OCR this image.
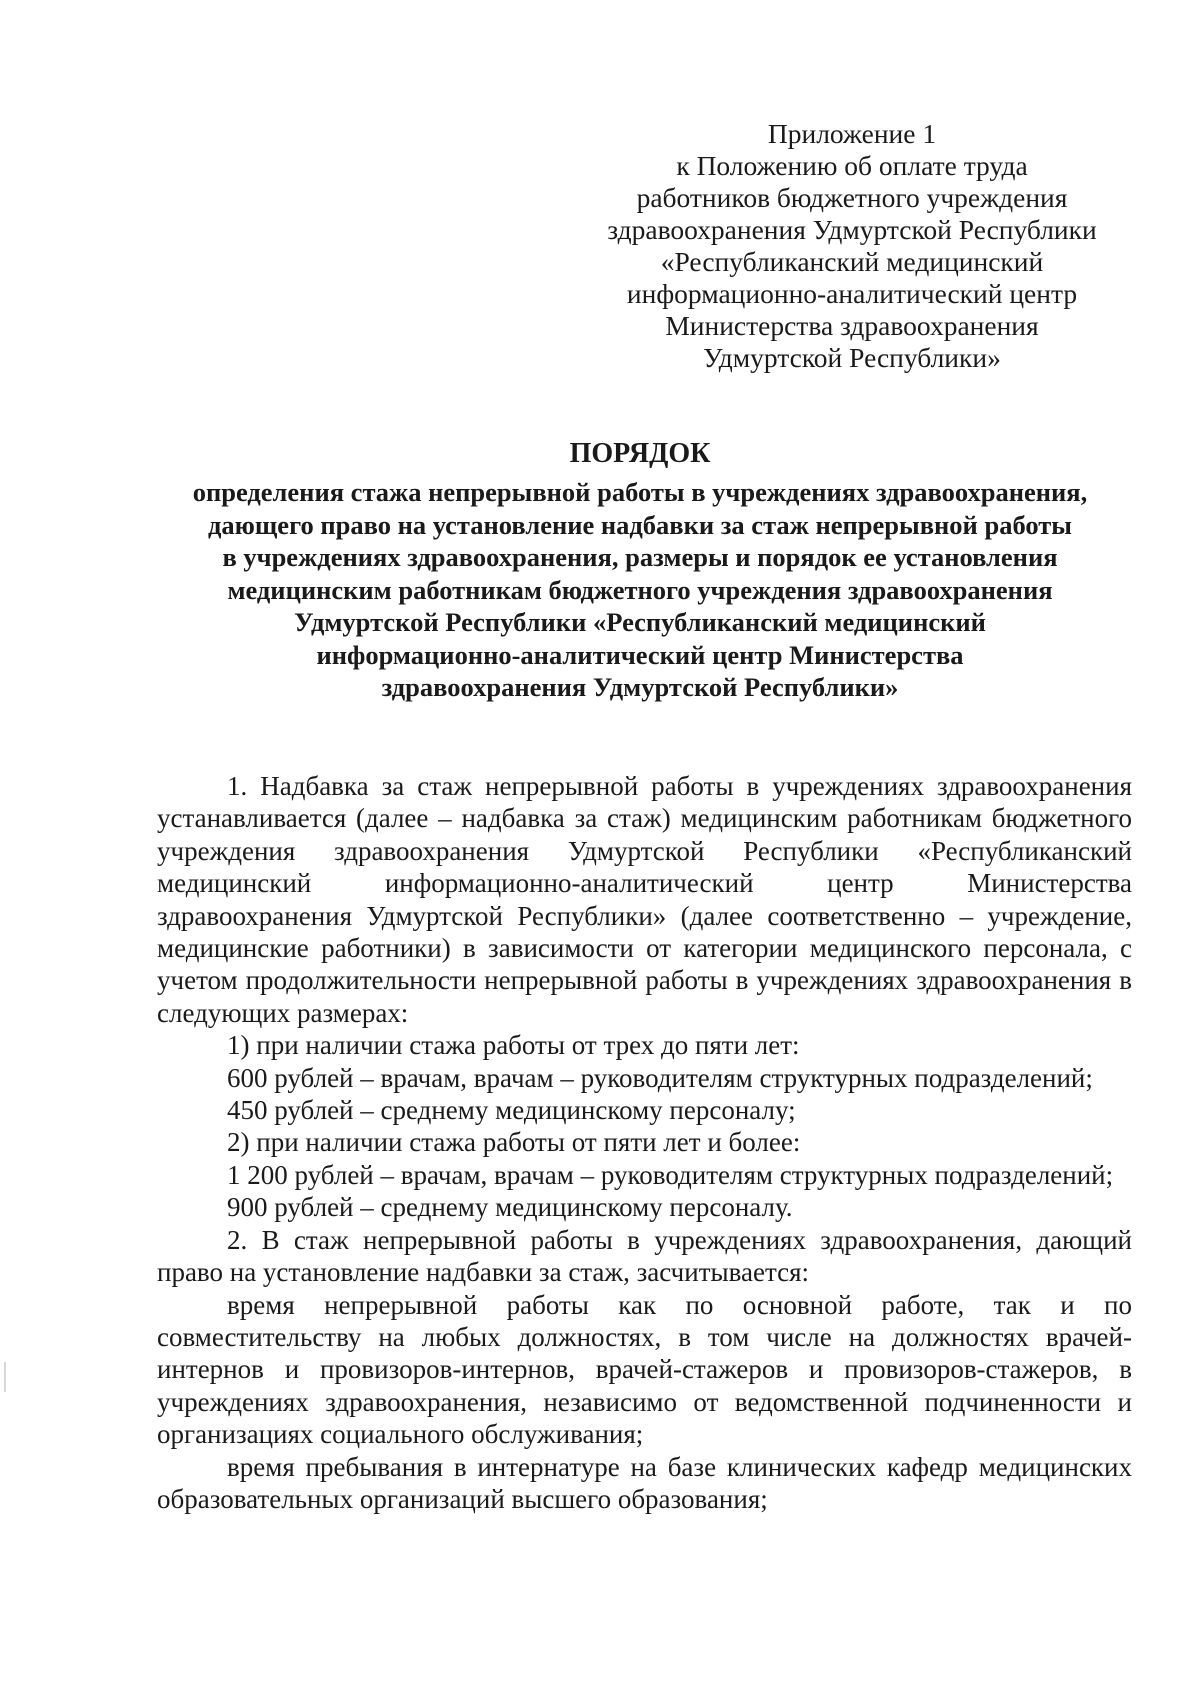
Приложение 1
к Положению об оплате труда
работников бюджетного учреждения
здравоохранения Удмуртской Республики
«Республиканский медицинский
информационно-аналитический центр
Министерства здравоохранения
Удмуртской Республики»
ПОРЯДОК
определения стажа непрерывной работы в учреждениях здравоохранения,
дающего право на установление надбавки за стаж непрерывной работы
в учреждениях здравоохранения, размеры и порядок ее установления
медицинским работникам бюджетного учреждения здравоохранения
Удмуртской Республики «Республиканский медицинский
информационно-аналитический центр Министерства
здравоохранения Удмуртской Республики»

1. Надбавка за стаж непрерывной работы в учреждениях здравоохранения устанавливается (далее – надбавка за стаж) медицинским работникам бюджетного учреждения здравоохранения Удмуртской Республики «Республиканский медицинский информационно-аналитический центр Министерства здравоохранения Удмуртской Республики» (далее соответственно – учреждение, медицинские работники) в зависимости от категории медицинского персонала, с учетом продолжительности непрерывной работы в учреждениях здравоохранения в следующих размерах:

1) при наличии стажа работы от трех до пяти лет:

600 рублей – врачам, врачам – руководителям структурных подразделений;

450 рублей – среднему медицинскому персоналу;

2) при наличии стажа работы от пяти лет и более:

1 200 рублей – врачам, врачам – руководителям структурных подразделений;

900 рублей – среднему медицинскому персоналу.

2. В стаж непрерывной работы в учреждениях здравоохранения, дающий право на установление надбавки за стаж, засчитывается:

время непрерывной работы как по основной работе, так и по совместительству на любых должностях, в том числе на должностях врачей-интернов и провизоров-интернов, врачей-стажеров и провизоров-стажеров, в учреждениях здравоохранения, независимо от ведомственной подчиненности и организациях социального обслуживания;

время пребывания в интернатуре на базе клинических кафедр медицинских образовательных организаций высшего образования;
